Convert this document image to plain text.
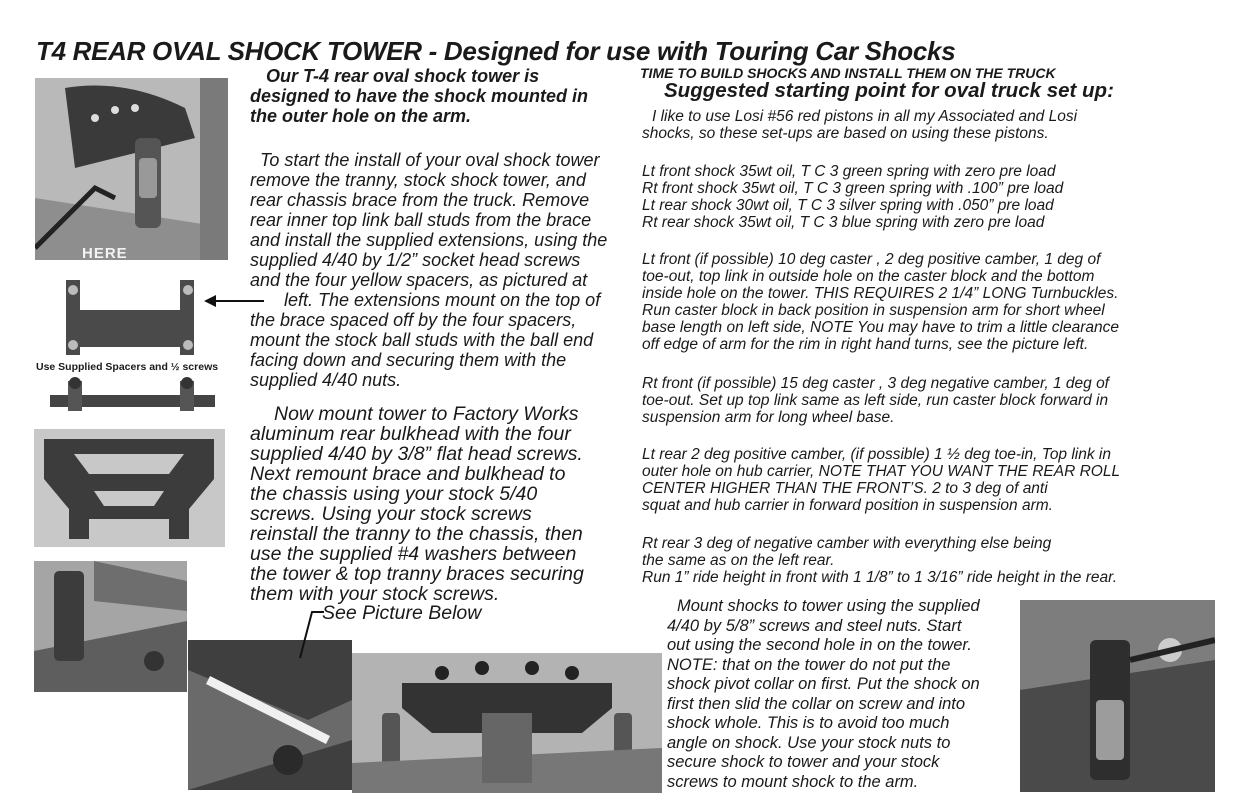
T4 REAR OVAL SHOCK TOWER - Designed for use with Touring Car Shocks
HERE
Use Supplied Spacers and ½ screws
Our T-4 rear oval shock tower is
designed to have the shock mounted in
the outer hole on the arm.
To start the install of your oval shock tower
remove the tranny, stock shock tower, and
rear chassis brace from the truck. Remove
rear inner top link ball studs from the brace
and install the supplied extensions, using the
supplied 4/40 by 1/2” socket head screws
and the four yellow spacers, as pictured at
left. The extensions mount on the top of
the brace spaced off by the four spacers,
mount the stock ball studs with the ball end
facing down and securing them with the
supplied 4/40 nuts.
Now mount tower to Factory Works
aluminum rear bulkhead with the four
supplied 4/40 by 3/8” flat head screws.
Next remount brace and bulkhead to
the chassis using your stock 5/40
screws. Using your stock screws
reinstall the tranny to the chassis, then
use the supplied #4 washers between
the tower & top tranny braces securing
them with your stock screws.
See Picture Below
TIME TO BUILD SHOCKS AND INSTALL THEM ON THE TRUCK
Suggested starting point for oval truck set up:
I like to use Losi #56 red pistons in all my Associated and Losi
shocks, so these set-ups are based on using these pistons.
Lt front shock 35wt oil, T C 3 green spring with zero pre load
Rt front shock 35wt oil, T C 3 green spring with .100” pre load
Lt rear shock 30wt oil, T C 3 silver spring with .050” pre load
Rt rear shock 35wt oil, T C 3 blue spring with zero pre load
Lt front (if possible) 10 deg caster , 2 deg positive camber, 1 deg of
toe-out, top link in outside hole on the caster block and the bottom
inside hole on the tower. THIS REQUIRES 2 1/4” LONG Turnbuckles.
Run caster block in back position in suspension arm for short wheel
base length on left side, NOTE You may have to trim a little clearance
off edge of arm for the rim in right hand turns, see the picture left.
Rt front (if possible) 15 deg caster , 3 deg negative camber, 1 deg of
toe-out. Set up top link same as left side, run caster block forward in
suspension arm for long wheel base.
Lt rear 2 deg positive camber, (if possible) 1 ½ deg toe-in, Top link in
outer hole on hub carrier, NOTE THAT YOU WANT THE REAR ROLL
CENTER HIGHER THAN THE FRONT’S. 2 to 3 deg of anti
squat and hub carrier in forward position in suspension arm.
Rt rear 3 deg of negative camber with everything else being
the same as on the left rear.
Run 1” ride height in front with 1 1/8” to 1 3/16” ride height in the rear.
Mount shocks to tower using the supplied
4/40 by 5/8” screws and steel nuts. Start
out using the second hole in on the tower.
NOTE: that on the tower do not put the
shock pivot collar on first. Put the shock on
first then slid the collar on screw and into
shock whole. This is to avoid too much
angle on shock. Use your stock nuts to
secure shock to tower and your stock
screws to mount shock to the arm.
